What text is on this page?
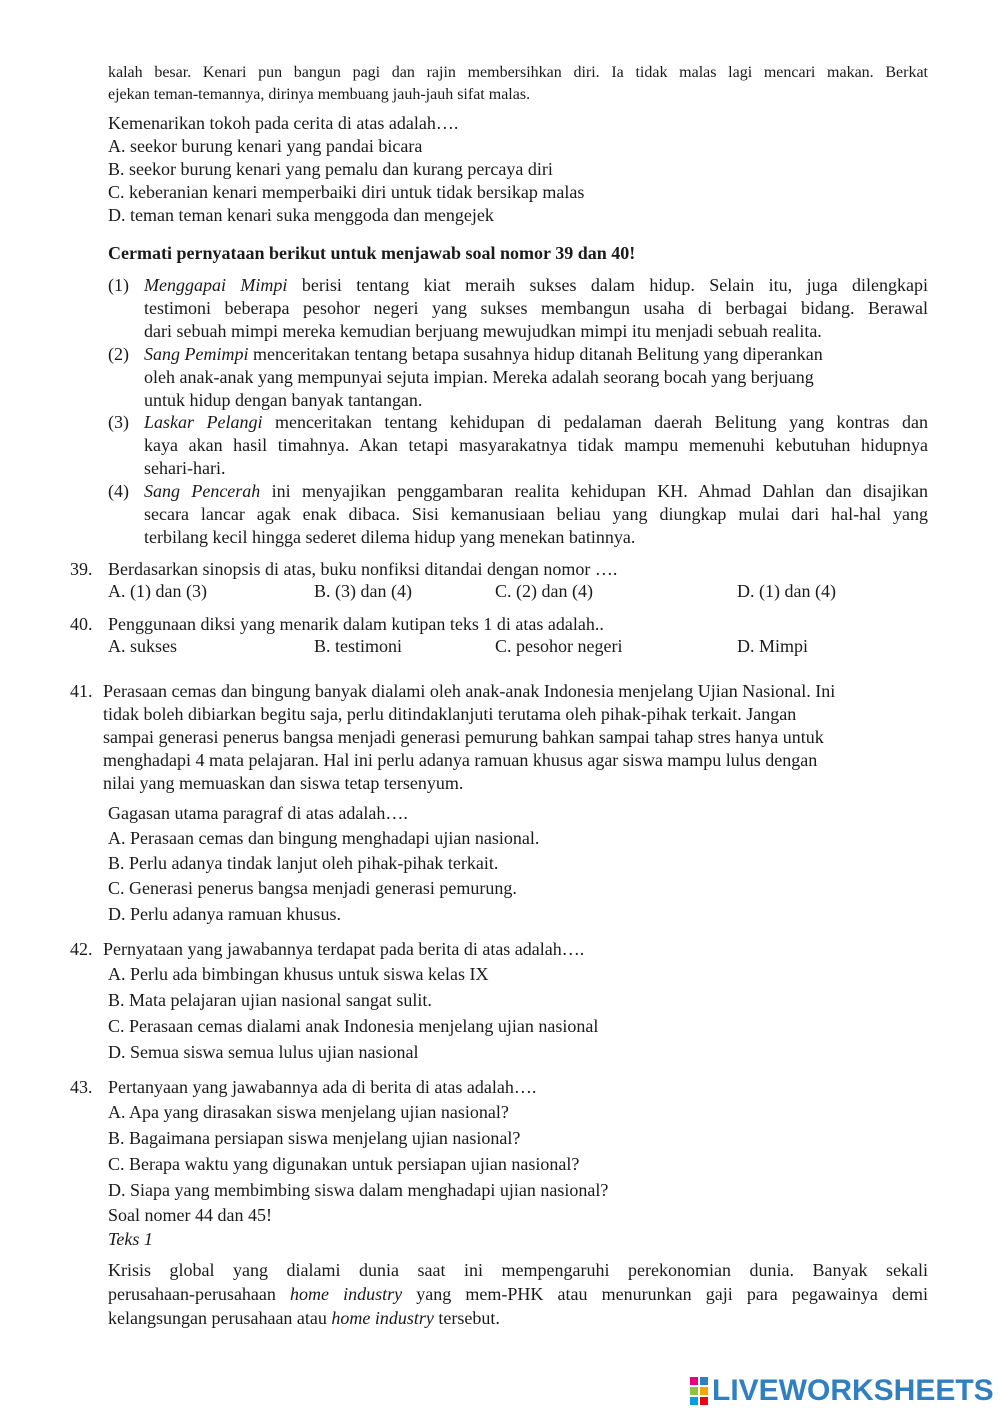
kalah besar. Kenari pun bangun pagi dan rajin membersihkan diri. Ia tidak malas lagi mencari makan. Berkat
ejekan teman-temannya, dirinya membuang jauh-jauh sifat malas.
Kemenarikan tokoh pada cerita di atas adalah….
A. seekor burung kenari yang pandai bicara
B. seekor burung kenari yang pemalu dan kurang percaya diri
C. keberanian kenari memperbaiki diri untuk tidak bersikap malas
D. teman teman kenari suka menggoda dan mengejek
Cermati pernyataan berikut untuk menjawab soal nomor 39 dan 40!
(1) Menggapai Mimpi berisi tentang kiat meraih sukses dalam hidup. Selain itu, juga dilengkapi
testimoni beberapa pesohor negeri yang sukses membangun usaha di berbagai bidang. Berawal
dari sebuah mimpi mereka kemudian berjuang mewujudkan mimpi itu menjadi sebuah realita.
(2) Sang Pemimpi menceritakan tentang betapa susahnya hidup ditanah Belitung yang diperankan
oleh anak-anak yang mempunyai sejuta impian. Mereka adalah seorang bocah yang berjuang
untuk hidup dengan banyak tantangan.
(3) Laskar Pelangi menceritakan tentang kehidupan di pedalaman daerah Belitung yang kontras dan
kaya akan hasil timahnya. Akan tetapi masyarakatnya tidak mampu memenuhi kebutuhan hidupnya
sehari-hari.
(4) Sang Pencerah ini menyajikan penggambaran realita kehidupan KH. Ahmad Dahlan dan disajikan
secara lancar agak enak dibaca. Sisi kemanusiaan beliau yang diungkap mulai dari hal-hal yang
terbilang kecil hingga sederet dilema hidup yang menekan batinnya.
39. Berdasarkan sinopsis di atas, buku nonfiksi ditandai dengan nomor ….
A. (1) dan (3)	B. (3) dan (4)	C. (2) dan (4)	D. (1) dan (4)
40. Penggunaan diksi yang menarik dalam kutipan teks 1 di atas adalah..
A. sukses	B. testimoni	C. pesohor negeri	D. Mimpi
41. Perasaan cemas dan bingung banyak dialami oleh anak-anak Indonesia menjelang Ujian Nasional. Ini
tidak boleh dibiarkan begitu saja, perlu ditindaklanjuti terutama oleh pihak-pihak terkait. Jangan
sampai generasi penerus bangsa menjadi generasi pemurung bahkan sampai tahap stres hanya untuk
menghadapi 4 mata pelajaran. Hal ini perlu adanya ramuan khusus agar siswa mampu lulus dengan
nilai yang memuaskan dan siswa tetap tersenyum.
Gagasan utama paragraf di atas adalah….
A. Perasaan cemas dan bingung menghadapi ujian nasional.
B. Perlu adanya tindak lanjut oleh pihak-pihak terkait.
C. Generasi penerus bangsa menjadi generasi pemurung.
D. Perlu adanya ramuan khusus.
42. Pernyataan yang jawabannya terdapat pada berita di atas adalah….
A. Perlu ada bimbingan khusus untuk siswa kelas IX
B. Mata pelajaran ujian nasional sangat sulit.
C. Perasaan cemas dialami anak Indonesia menjelang ujian nasional
D. Semua siswa semua lulus ujian nasional
43. Pertanyaan yang jawabannya ada di berita di atas adalah….
A. Apa yang dirasakan siswa menjelang ujian nasional?
B. Bagaimana persiapan siswa menjelang ujian nasional?
C. Berapa waktu yang digunakan untuk persiapan ujian nasional?
D. Siapa yang membimbing siswa dalam menghadapi ujian nasional?
Soal nomer 44 dan 45!
Teks 1
Krisis global yang dialami dunia saat ini mempengaruhi perekonomian dunia. Banyak sekali
perusahaan-perusahaan home industry yang mem-PHK atau menurunkan gaji para pegawainya demi
kelangsungan perusahaan atau home industry tersebut.
LIVEWORKSHEETS
